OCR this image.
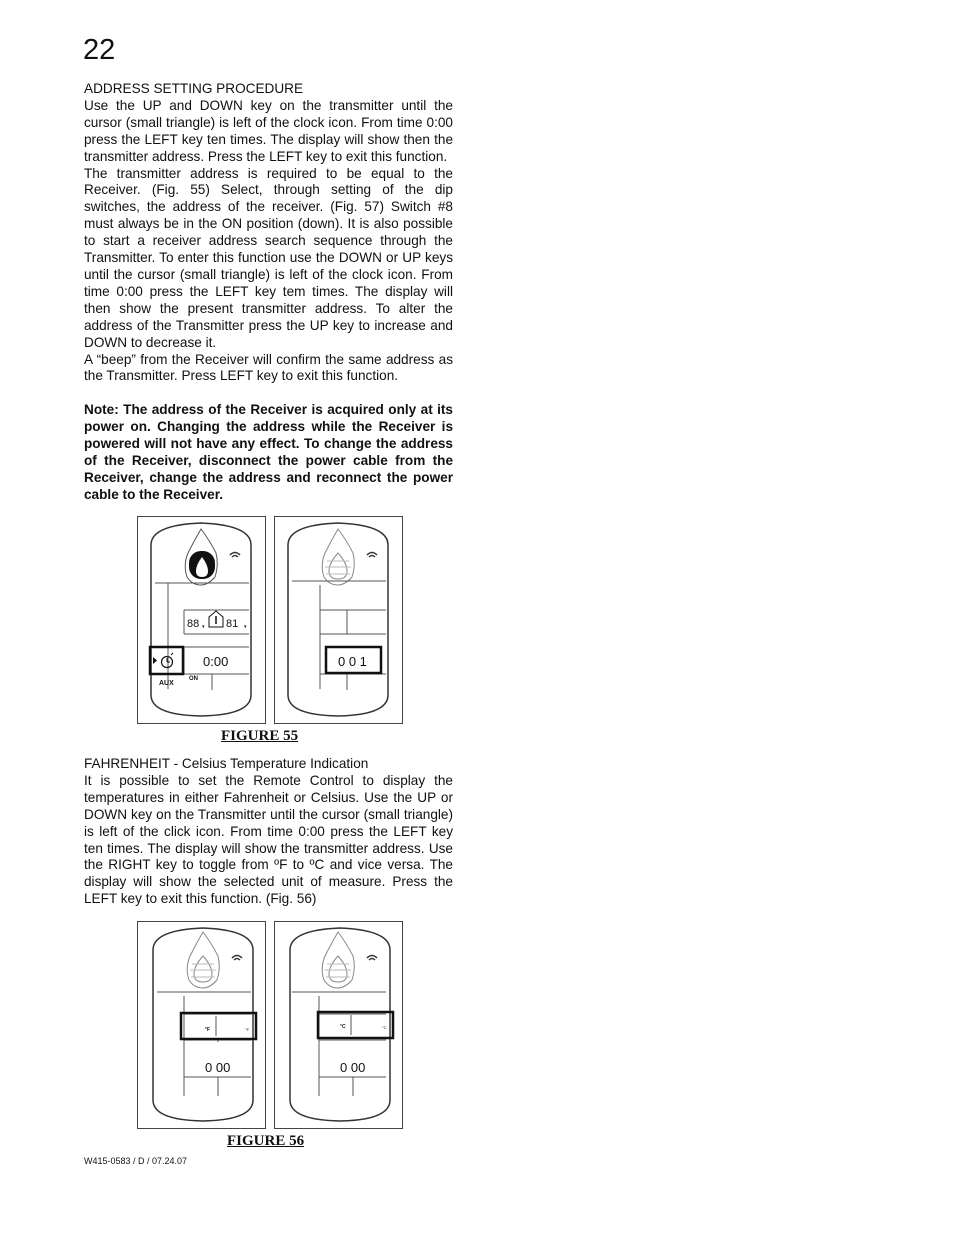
22

ADDRESS SETTING PROCEDURE

Use the UP and DOWN key on the transmitter until the cursor (small triangle) is left of the clock icon. From time 0:00 press the LEFT key ten times. The display will show then the transmitter address. Press the LEFT key to exit this function.

The transmitter address is required to be equal to the Receiver. (Fig. 55) Select, through setting of the dip switches, the address of the receiver. (Fig. 57) Switch #8 must always be in the ON position (down). It is also possible to start a receiver address search sequence through the Transmitter. To enter this function use the DOWN or UP keys until the cursor (small triangle) is left of the clock icon. From time 0:00 press the LEFT key tem times. The display will then show the present transmitter address. To alter the address of the Transmitter press the UP key to increase and DOWN to decrease it.

A “beep” from the Receiver will confirm the same address as the Transmitter. Press LEFT key to exit this function.

Note: The address of the Receiver is acquired only at its power on. Changing the address while the Receiver is powered will not have any effect. To change the address of the Receiver, disconnect the power cable from the Receiver, change the address and reconnect the power cable to the Receiver.

88 ▾ 81 ▾
0:00
AUX
ON
0 0 1
FIGURE 55

FAHRENHEIT - Celsius Temperature Indication

It is possible to set the Remote Control to display the temperatures in either Fahrenheit or Celsius. Use the UP or DOWN key on the Transmitter until the cursor (small triangle) is left of the click icon. From time 0:00 press the LEFT key ten times. The display will show the transmitter address. Use the RIGHT key to toggle from ºF to ºC and vice versa. The display will show the selected unit of measure. Press the LEFT key to exit this function. (Fig. 56)

°F	°F
0 00
°C	°C
0 00
FIGURE 56
W415-0583 / D / 07.24.07
